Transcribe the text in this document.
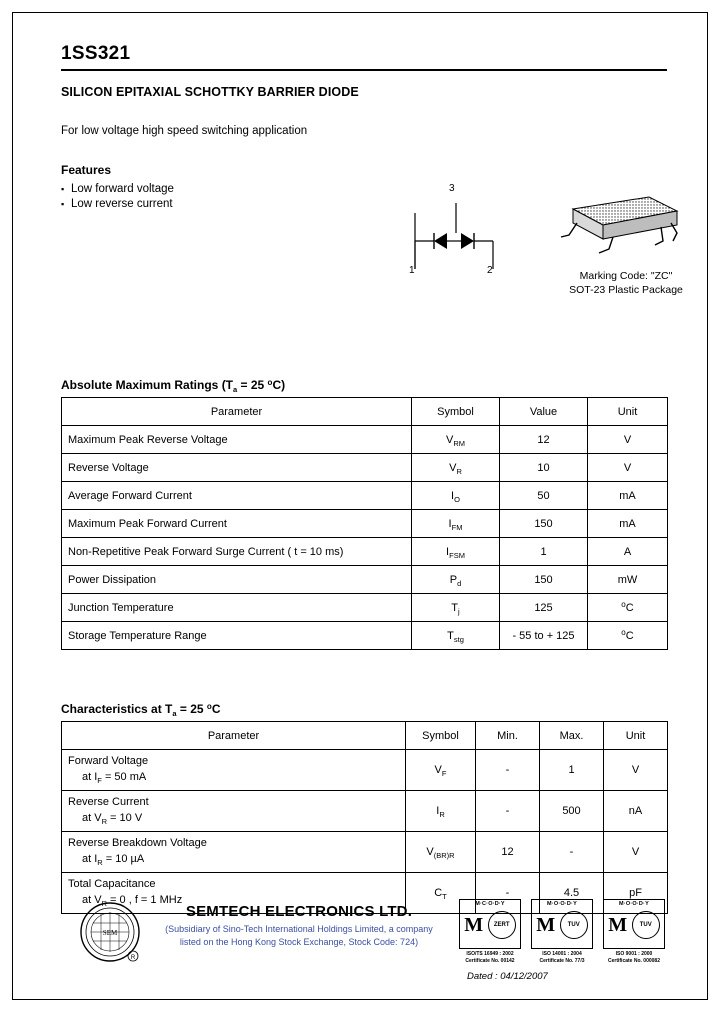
1SS321
SILICON EPITAXIAL SCHOTTKY BARRIER DIODE
For low voltage high speed switching application
Features
▪ Low forward voltage
▪ Low reverse current
3
1	2	Marking Code: "ZC"
SOT-23 Plastic Package
Absolute Maximum Ratings ($T_a = 25$ $^o$C)
Parameter	Symbol	Value	Unit
Maximum Peak Reverse Voltage	$V_{RM}$	12	V
Reverse Voltage	$V_R$	10	V
Average Forward Current	$I_O$	50	mA
Maximum Peak Forward Current	$I_{FM}$	150	mA
Non-Repetitive Peak Forward Surge Current ( t = 10 ms)	$I_{FSM}$	1	A
Power Dissipation	$P_d$	150	mW
Junction Temperature	$T_j$	125	$^o$C
Storage Temperature Range	$T_{stg}$	- 55 to + 125	$^o$C
Characteristics at $T_a = 25$ $^o$C
Parameter	Symbol	Min.	Max.	Unit

Forward Voltage
at $I_F = 50$ mA	$V_F$	-	1	V

Reverse Current
at $V_R = 10$ V	$I_R$	-	500	nA

Reverse Breakdown Voltage
at $I_R = 10$ µA	$V_{(BR)R}$	12	-	V

Total Capacitance
at $V_R = 0$ , f = 1 MHz	$C_T$	-	4.5	pF
SEM
R
SEMTECH ELECTRONICS LTD.
(Subsidiary of Sino-Tech International Holdings Limited, a company
listed on the Hong Kong Stock Exchange, Stock Code: 724)
M·C·O·D·Y
M	ZERT
ISO/TS 16949 : 2002
Certificate No. 00142
M·O·O·D·Y
M	TUV
ISO 14001 : 2004
Certificate No. 77/3
M·O·O·D·Y
M	TUV
ISO 9001 : 2000
Certificate No. 000082
Dated : 04/12/2007
